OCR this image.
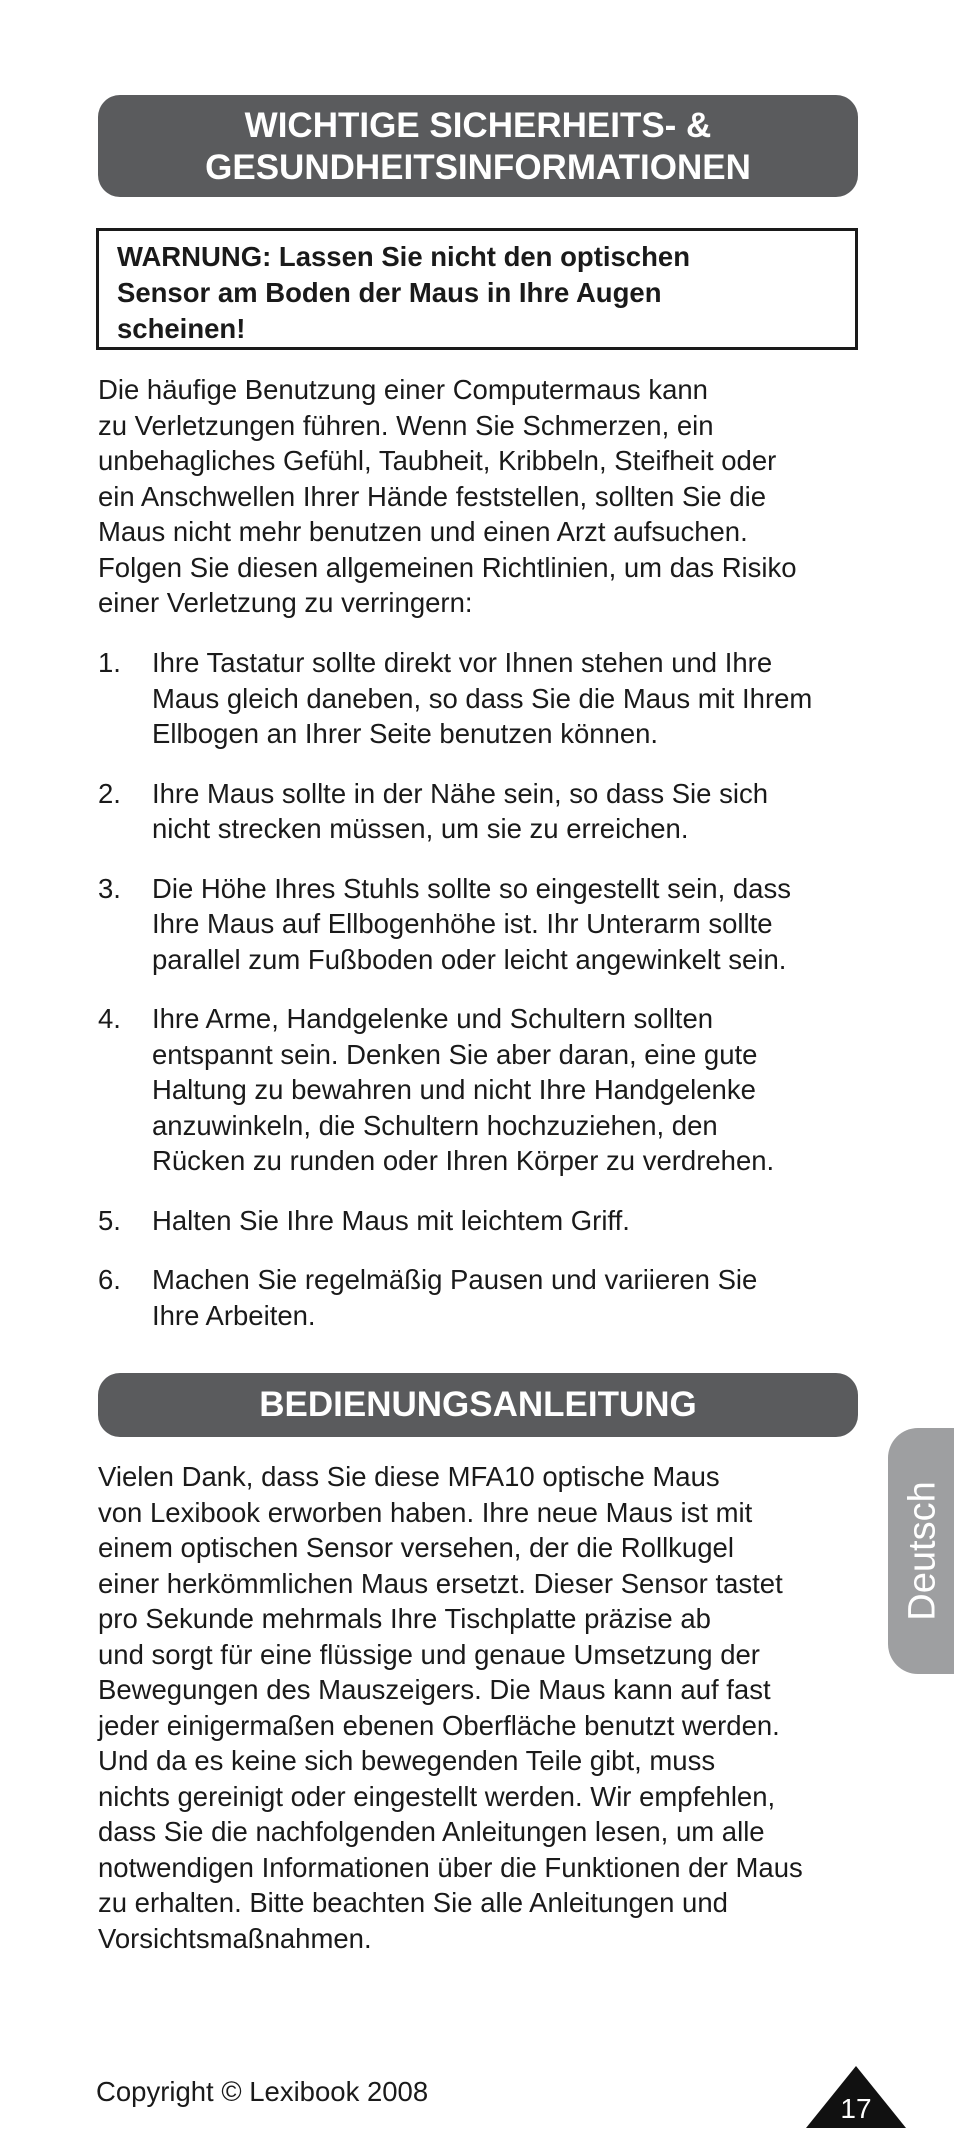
WICHTIGE SICHERHEITS- &
GESUNDHEITSINFORMATIONEN
WARNUNG: Lassen Sie nicht den optischen
Sensor am Boden der Maus in Ihre Augen
scheinen!
Die häufige Benutzung einer Computermaus kann
zu Verletzungen führen. Wenn Sie Schmerzen, ein
unbehagliches Gefühl, Taubheit, Kribbeln, Steifheit oder
ein Anschwellen Ihrer Hände feststellen, sollten Sie die
Maus nicht mehr benutzen und einen Arzt aufsuchen.
Folgen Sie diesen allgemeinen Richtlinien, um das Risiko
einer Verletzung zu verringern:
1. Ihre Tastatur sollte direkt vor Ihnen stehen und Ihre
Maus gleich daneben, so dass Sie die Maus mit Ihrem
Ellbogen an Ihrer Seite benutzen können.
2. Ihre Maus sollte in der Nähe sein, so dass Sie sich
nicht strecken müssen, um sie zu erreichen.
3. Die Höhe Ihres Stuhls sollte so eingestellt sein, dass
Ihre Maus auf Ellbogenhöhe ist. Ihr Unterarm sollte
parallel zum Fußboden oder leicht angewinkelt sein.
4. Ihre Arme, Handgelenke und Schultern sollten
entspannt sein. Denken Sie aber daran, eine gute
Haltung zu bewahren und nicht Ihre Handgelenke
anzuwinkeln, die Schultern hochzuziehen, den
Rücken zu runden oder Ihren Körper zu verdrehen.
5. Halten Sie Ihre Maus mit leichtem Griff.
6. Machen Sie regelmäßig Pausen und variieren Sie
Ihre Arbeiten.
BEDIENUNGSANLEITUNG
Vielen Dank, dass Sie diese MFA10 optische Maus
von Lexibook erworben haben. Ihre neue Maus ist mit
einem optischen Sensor versehen, der die Rollkugel
einer herkömmlichen Maus ersetzt. Dieser Sensor tastet
pro Sekunde mehrmals Ihre Tischplatte präzise ab
und sorgt für eine flüssige und genaue Umsetzung der
Bewegungen des Mauszeigers. Die Maus kann auf fast
jeder einigermaßen ebenen Oberfläche benutzt werden.
Und da es keine sich bewegenden Teile gibt, muss
nichts gereinigt oder eingestellt werden. Wir empfehlen,
dass Sie die nachfolgenden Anleitungen lesen, um alle
notwendigen Informationen über die Funktionen der Maus
zu erhalten. Bitte beachten Sie alle Anleitungen und
Vorsichtsmaßnahmen.
Deutsch
Copyright © Lexibook 2008
17
